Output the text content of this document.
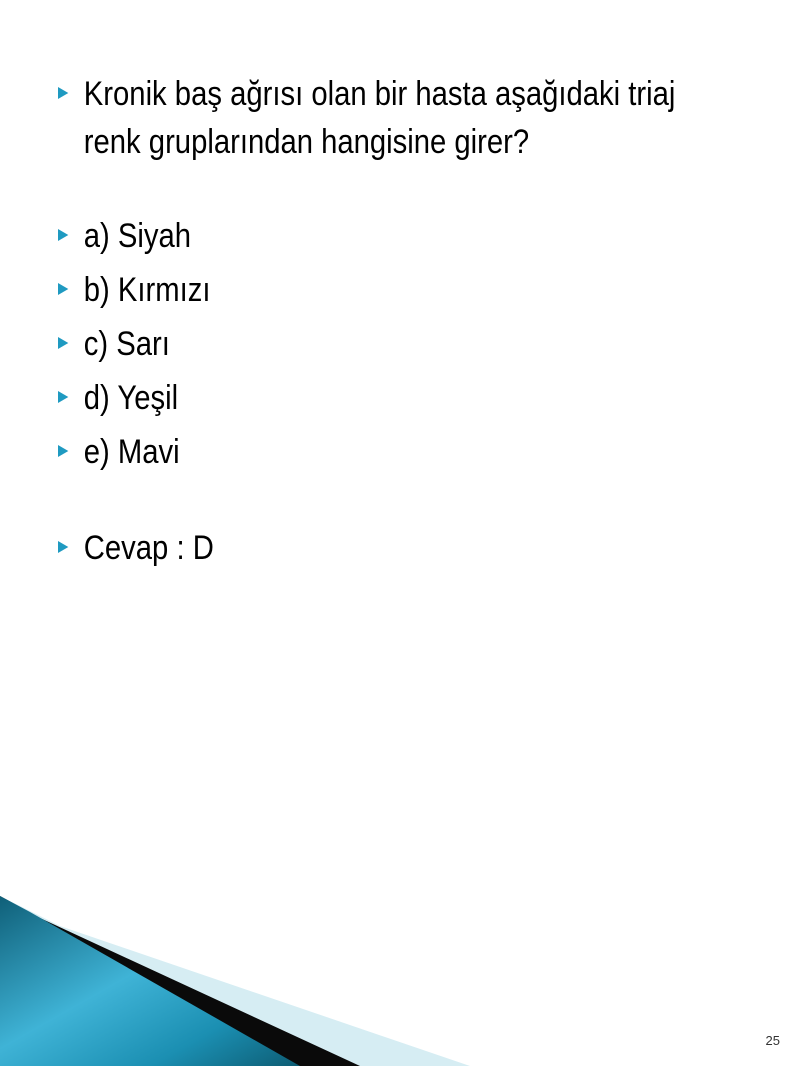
Kronik baş ağrısı olan bir hasta aşağıdaki triaj renk gruplarından hangisine girer?
a) Siyah
b) Kırmızı
c) Sarı
d) Yeşil
e) Mavi
Cevap : D
25
